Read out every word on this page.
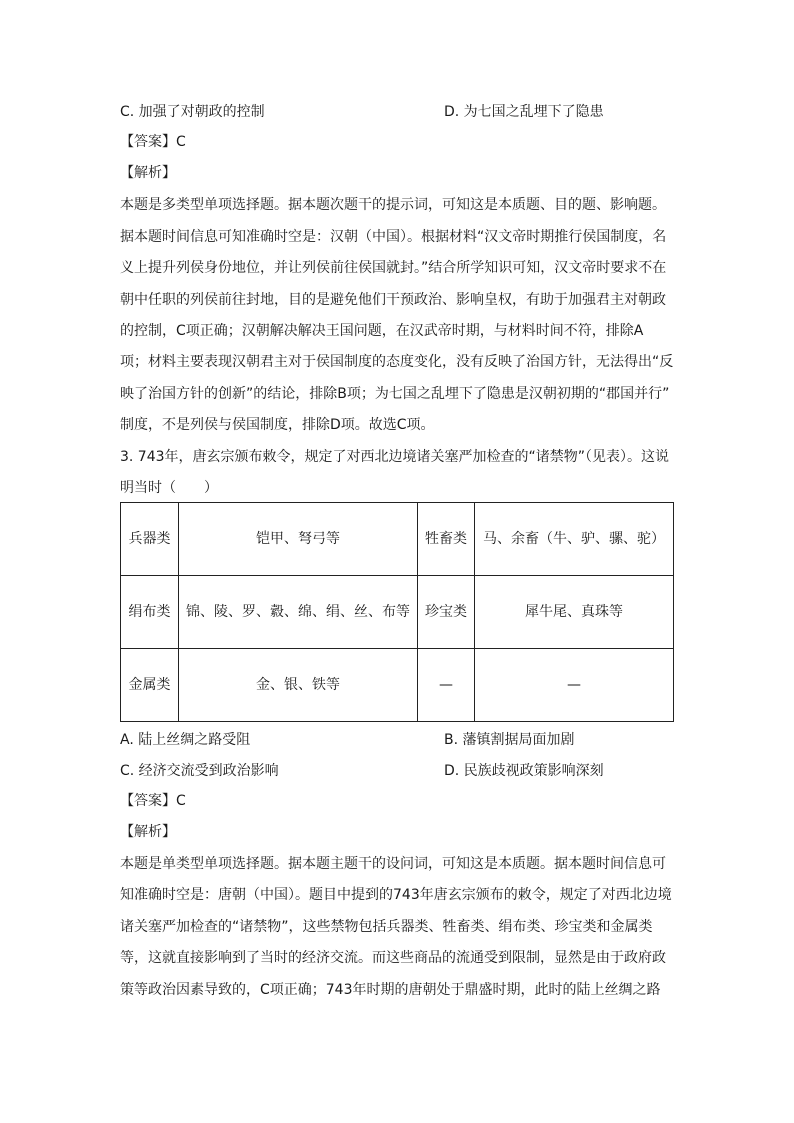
C. 加强了对朝政的控制	D. 为七国之乱埋下了隐患
【答案】C
【解析】
本题是多类型单项选择题。据本题次题干的提示词，可知这是本质题、目的题、影响题。
据本题时间信息可知准确时空是：汉朝（中国）。根据材料“汉文帝时期推行侯国制度，名
义上提升列侯身份地位，并让列侯前往侯国就封。”结合所学知识可知，汉文帝时要求不在
朝中任职的列侯前往封地，目的是避免他们干预政治、影响皇权，有助于加强君主对朝政
的控制，C项正确；汉朝解决解决王国问题，在汉武帝时期，与材料时间不符，排除A
项；材料主要表现汉朝君主对于侯国制度的态度变化，没有反映了治国方针，无法得出“反
映了治国方针的创新”的结论，排除B项；为七国之乱埋下了隐患是汉朝初期的“郡国并行”
制度，不是列侯与侯国制度，排除D项。故选C项。
3. 743年，唐玄宗颁布敕令，规定了对西北边境诸关塞严加检查的“诸禁物”（见表）。这说
明当时（　　）
兵器类	铠甲、弩弓等	牲畜类	马、余畜（牛、驴、骡、驼）
绢布类	锦、陵、罗、縠、绵、绢、丝、布等	珍宝类	犀牛尾、真珠等
金属类	金、银、铁等	—	—
A. 陆上丝绸之路受阻	B. 藩镇割据局面加剧
C. 经济交流受到政治影响	D. 民族歧视政策影响深刻
【答案】C
【解析】
本题是单类型单项选择题。据本题主题干的设问词，可知这是本质题。据本题时间信息可
知准确时空是：唐朝（中国）。题目中提到的743年唐玄宗颁布的敕令，规定了对西北边境
诸关塞严加检查的“诸禁物”，这些禁物包括兵器类、牲畜类、绢布类、珍宝类和金属类
等，这就直接影响到了当时的经济交流。而这些商品的流通受到限制，显然是由于政府政
策等政治因素导致的，C项正确；743年时期的唐朝处于鼎盛时期，此时的陆上丝绸之路
